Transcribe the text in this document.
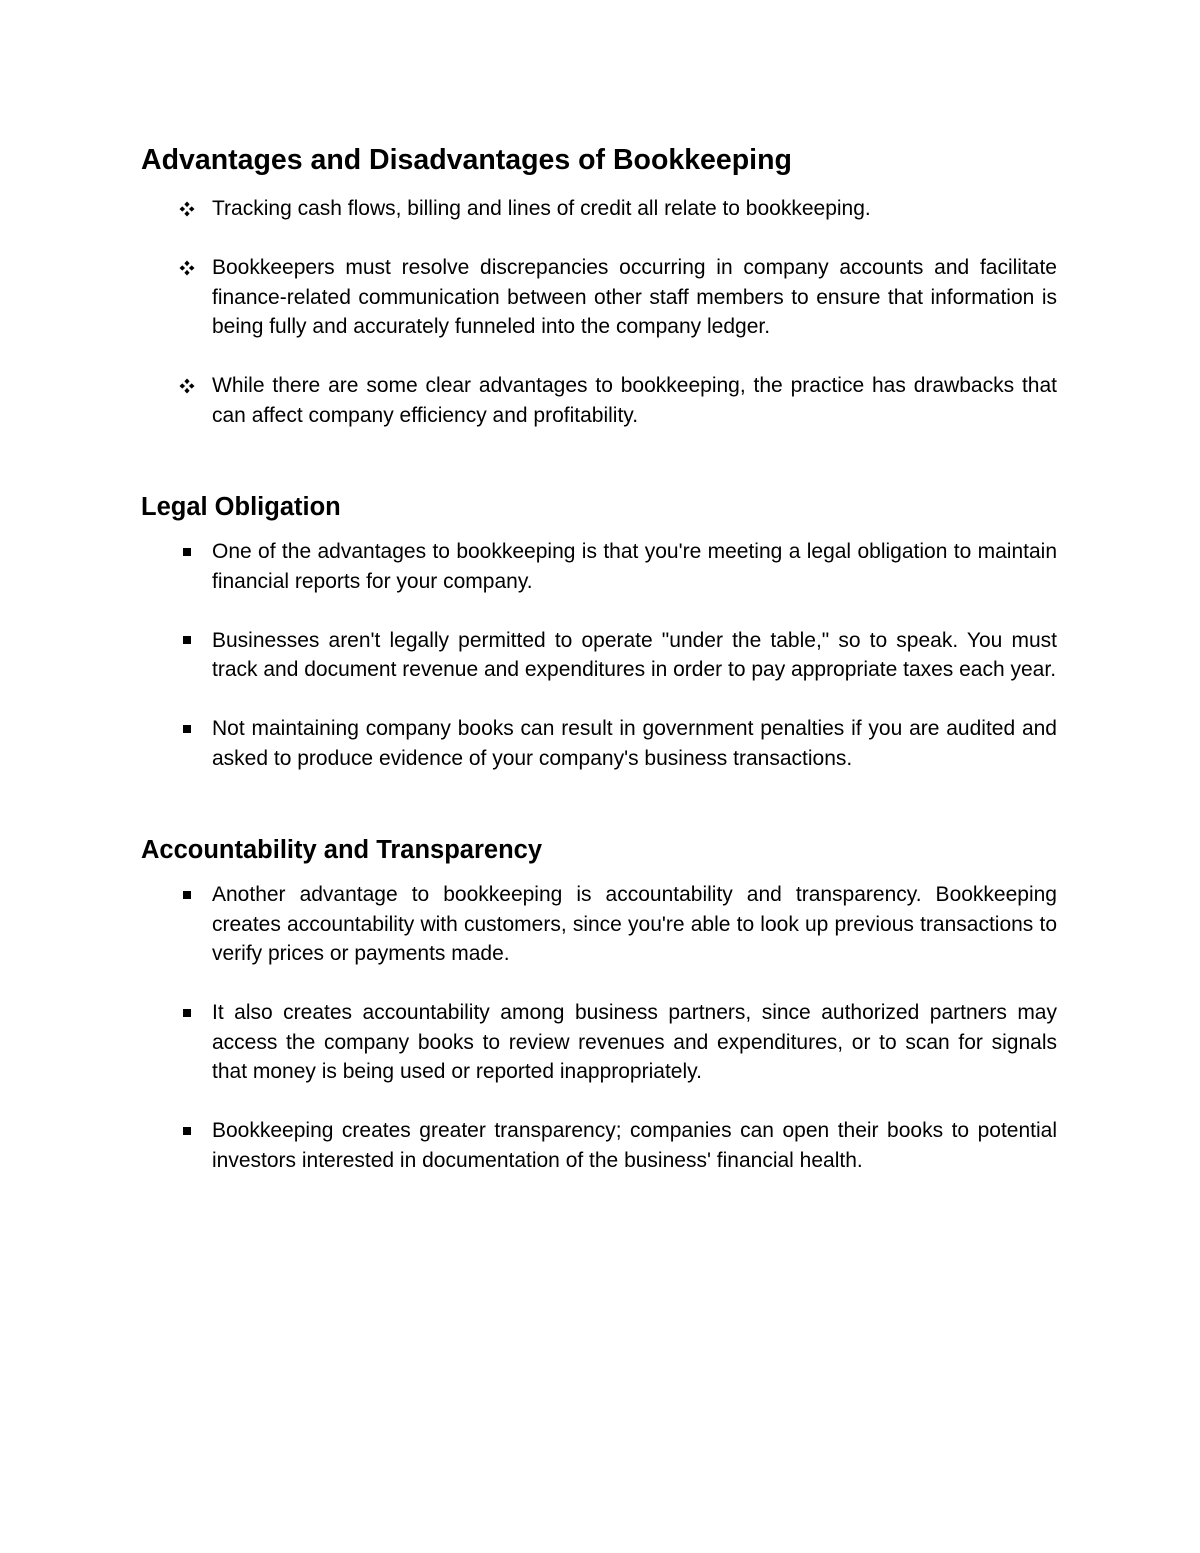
Advantages and Disadvantages of Bookkeeping
Tracking cash flows, billing and lines of credit all relate to bookkeeping.
Bookkeepers must resolve discrepancies occurring in company accounts and facilitate finance-related communication between other staff members to ensure that information is being fully and accurately funneled into the company ledger.
While there are some clear advantages to bookkeeping, the practice has drawbacks that can affect company efficiency and profitability.
Legal Obligation
One of the advantages to bookkeeping is that you're meeting a legal obligation to maintain financial reports for your company.
Businesses aren't legally permitted to operate "under the table," so to speak. You must track and document revenue and expenditures in order to pay appropriate taxes each year.
Not maintaining company books can result in government penalties if you are audited and asked to produce evidence of your company's business transactions.
Accountability and Transparency
Another advantage to bookkeeping is accountability and transparency. Bookkeeping creates accountability with customers, since you're able to look up previous transactions to verify prices or payments made.
It also creates accountability among business partners, since authorized partners may access the company books to review revenues and expenditures, or to scan for signals that money is being used or reported inappropriately.
Bookkeeping creates greater transparency; companies can open their books to potential investors interested in documentation of the business' financial health.
